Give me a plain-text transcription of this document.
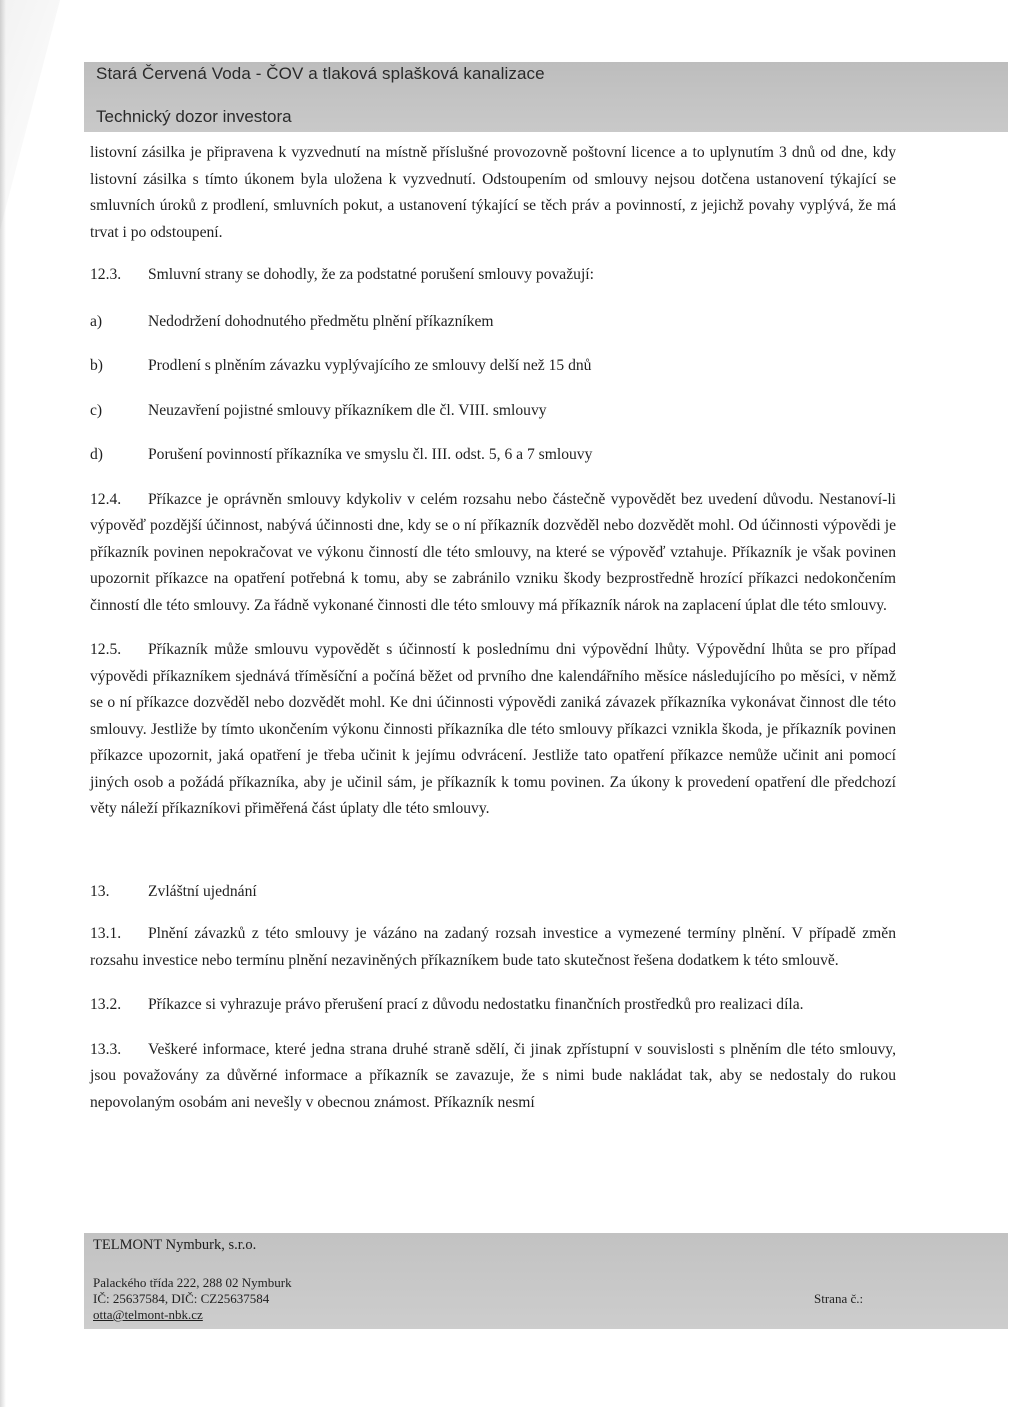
Stará Červená Voda - ČOV a tlaková splašková kanalizace
Technický dozor investora

listovní zásilka je připravena k vyzvednutí na místně příslušné provozovně poštovní licence a to uplynutím 3 dnů od dne, kdy listovní zásilka s tímto úkonem byla uložena k vyzvednutí. Odstoupením od smlouvy nejsou dotčena ustanovení týkající se smluvních úroků z prodlení, smluvních pokut, a ustanovení týkající se těch práv a povinností, z jejichž povahy vyplývá, že má trvat i po odstoupení.

12.3. Smluvní strany se dohodly, že za podstatné porušení smlouvy považují:

a)	Nedodržení dohodnutého předmětu plnění příkazníkem

b)	Prodlení s plněním závazku vyplývajícího ze smlouvy delší než 15 dnů

c)	Neuzavření pojistné smlouvy příkazníkem dle čl. VIII. smlouvy

d)	Porušení povinností příkazníka ve smyslu čl. III. odst. 5, 6 a 7 smlouvy

12.4. Příkazce je oprávněn smlouvy kdykoliv v celém rozsahu nebo částečně vypovědět bez uvedení důvodu. Nestanoví-li výpověď pozdější účinnost, nabývá účinnosti dne, kdy se o ní příkazník dozvěděl nebo dozvědět mohl. Od účinnosti výpovědi je příkazník povinen nepokračovat ve výkonu činností dle této smlouvy, na které se výpověď vztahuje. Příkazník je však povinen upozornit příkazce na opatření potřebná k tomu, aby se zabránilo vzniku škody bezprostředně hrozící příkazci nedokončením činností dle této smlouvy. Za řádně vykonané činnosti dle této smlouvy má příkazník nárok na zaplacení úplat dle této smlouvy.

12.5. Příkazník může smlouvu vypovědět s účinností k poslednímu dni výpovědní lhůty. Výpovědní lhůta se pro případ výpovědi příkazníkem sjednává tříměsíční a počíná běžet od prvního dne kalendářního měsíce následujícího po měsíci, v němž se o ní příkazce dozvěděl nebo dozvědět mohl. Ke dni účinnosti výpovědi zaniká závazek příkazníka vykonávat činnost dle této smlouvy. Jestliže by tímto ukončením výkonu činnosti příkazníka dle této smlouvy příkazci vznikla škoda, je příkazník povinen příkazce upozornit, jaká opatření je třeba učinit k jejímu odvrácení. Jestliže tato opatření příkazce nemůže učinit ani pomocí jiných osob a požádá příkazníka, aby je učinil sám, je příkazník k tomu povinen. Za úkony k provedení opatření dle předchozí věty náleží příkazníkovi přiměřená část úplaty dle této smlouvy.

13. Zvláštní ujednání

13.1. Plnění závazků z této smlouvy je vázáno na zadaný rozsah investice a vymezené termíny plnění. V případě změn rozsahu investice nebo termínu plnění nezaviněných příkazníkem bude tato skutečnost řešena dodatkem k této smlouvě.

13.2. Příkazce si vyhrazuje právo přerušení prací z důvodu nedostatku finančních prostředků pro realizaci díla.

13.3. Veškeré informace, které jedna strana druhé straně sdělí, či jinak zpřístupní v souvislosti s plněním dle této smlouvy, jsou považovány za důvěrné informace a příkazník se zavazuje, že s nimi bude nakládat tak, aby se nedostaly do rukou nepovolaným osobám ani nevešly v obecnou známost. Příkazník nesmí

TELMONT Nymburk, s.r.o.
Palackého třída 222, 288 02 Nymburk
IČ: 25637584, DIČ: CZ25637584
otta@telmont-nbk.cz
Strana č.:
